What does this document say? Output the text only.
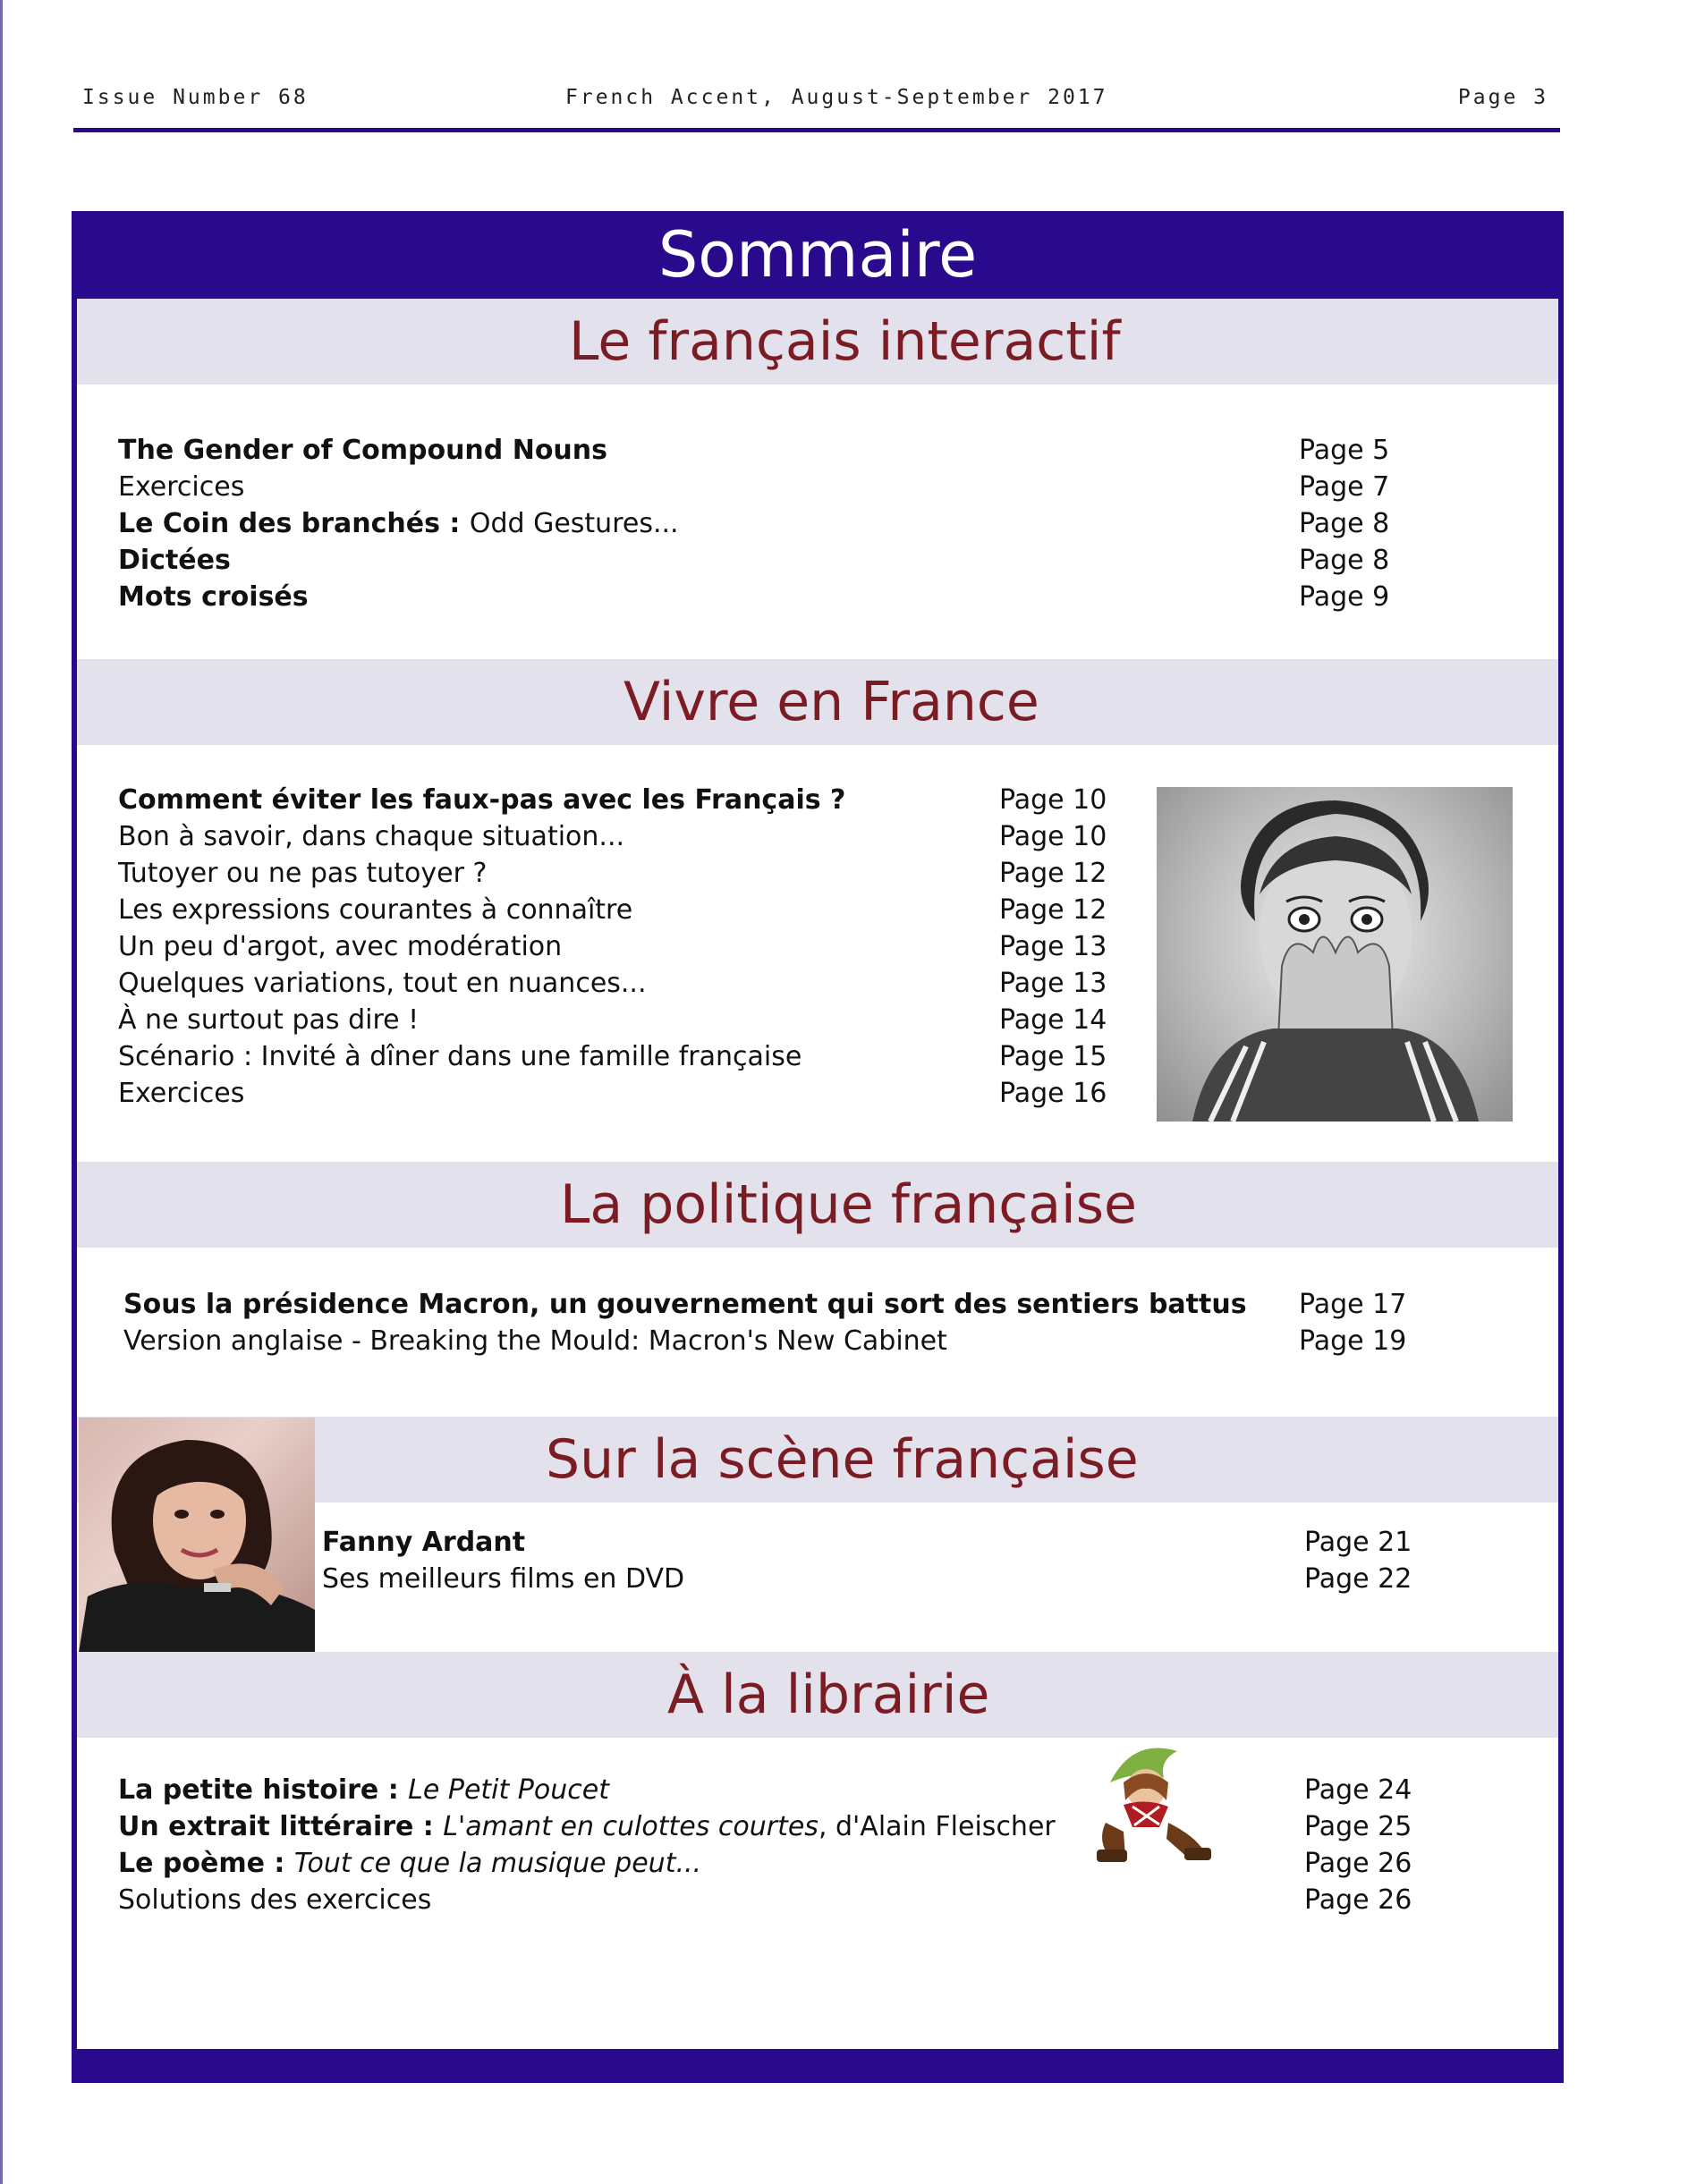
Issue Number 68	French Accent, August-September 2017	Page 3
Sommaire
Le français interactif
The Gender of Compound Nouns	Page 5
Exercices	Page 7
Le Coin des branchés : Odd Gestures...	Page 8
Dictées	Page 8
Mots croisés	Page 9
Vivre en France
Comment éviter les faux-pas avec les Français ?	Page 10
Bon à savoir, dans chaque situation...	Page 10
Tutoyer ou ne pas tutoyer ?	Page 12
Les expressions courantes à connaître	Page 12
Un peu d'argot, avec modération	Page 13
Quelques variations, tout en nuances...	Page 13
À ne surtout pas dire !	Page 14
Scénario : Invité à dîner dans une famille française	Page 15
Exercices	Page 16
La politique française
Sous la présidence Macron, un gouvernement qui sort des sentiers battus Page 17
Version anglaise - Breaking the Mould: Macron's New Cabinet	Page 19
Sur la scène française
Fanny Ardant	Page 21
Ses meilleurs films en DVD	Page 22
À la librairie
La petite histoire : Le Petit Poucet	Page 24
Un extrait littéraire : L'amant en culottes courtes, d'Alain Fleischer	Page 25
Le poème : Tout ce que la musique peut...	Page 26
Solutions des exercices	Page 26
